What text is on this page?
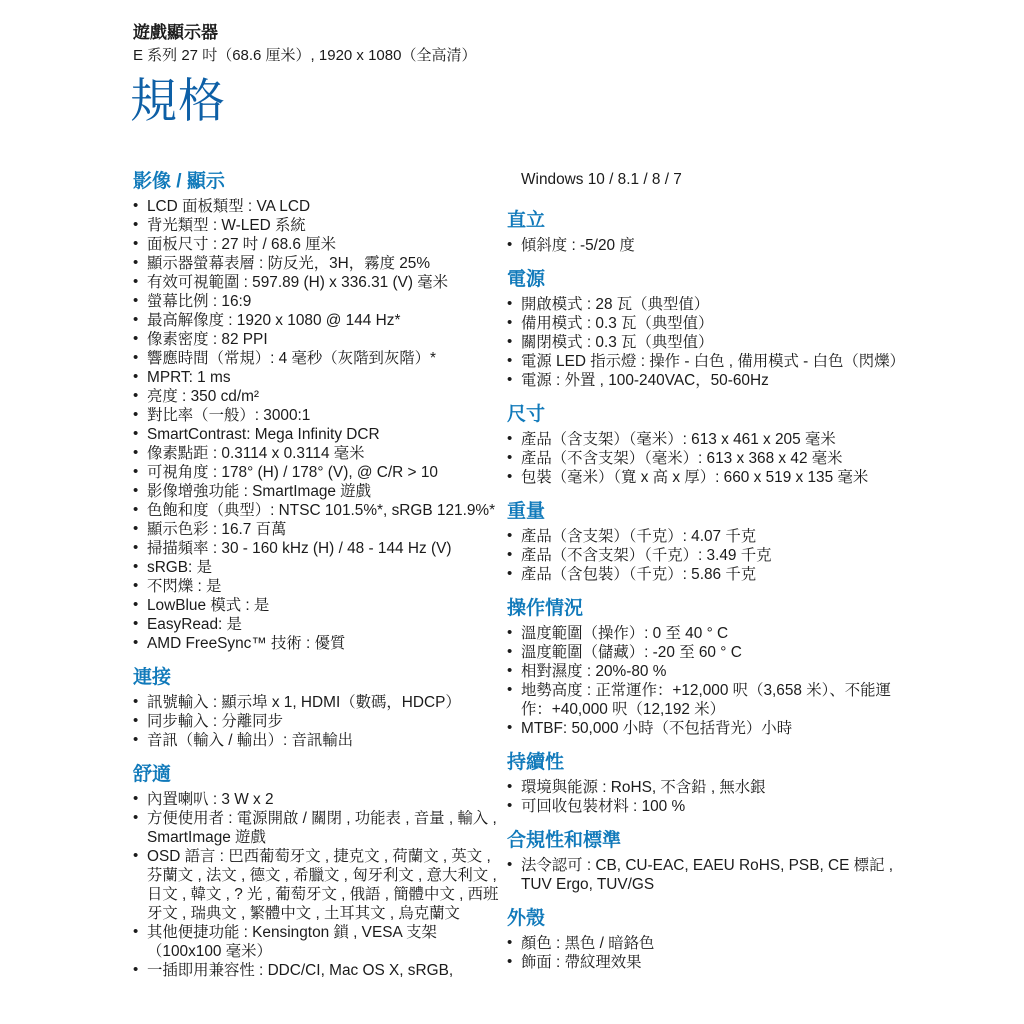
遊戲顯示器
E 系列 27 吋（68.6 厘米）, 1920 x 1080（全高清）
規格
影像 / 顯示
• LCD 面板類型 : VA LCD
• 背光類型 : W-LED 系統
• 面板尺寸 : 27 吋 / 68.6 厘米
• 顯示器螢幕表層 : 防反光，3H，霧度 25%
• 有效可視範圍 : 597.89 (H) x 336.31 (V) 毫米
• 螢幕比例 : 16:9
• 最高解像度 : 1920 x 1080 @ 144 Hz*
• 像素密度 : 82 PPI
• 響應時間（常規）: 4 毫秒（灰階到灰階）*
• MPRT: 1 ms
• 亮度 : 350 cd/m²
• 對比率（一般）: 3000:1
• SmartContrast: Mega Infinity DCR
• 像素點距 : 0.3114 x 0.3114 毫米
• 可視角度 : 178° (H) / 178° (V), @ C/R > 10
• 影像增強功能 : SmartImage 遊戲
• 色飽和度（典型）: NTSC 101.5%*, sRGB 121.9%*
• 顯示色彩 : 16.7 百萬
• 掃描頻率 : 30 - 160 kHz (H) / 48 - 144 Hz (V)
• sRGB: 是
• 不閃爍 : 是
• LowBlue 模式 : 是
• EasyRead: 是
• AMD FreeSync™ 技術 : 優質
連接
• 訊號輸入 : 顯示埠 x 1, HDMI（數碼，HDCP）
• 同步輸入 : 分離同步
• 音訊（輸入 / 輸出）: 音訊輸出
舒適
• 內置喇叭 : 3 W x 2
• 方便使用者 : 電源開啟 / 關閉 , 功能表 , 音量 , 輸入 , SmartImage 遊戲
• OSD 語言 : 巴西葡萄牙文 , 捷克文 , 荷蘭文 , 英文 , 芬蘭文 , 法文 , 德文 , 希臘文 , 匈牙利文 , 意大利文 , 日文 , 韓文 , ? 光 , 葡萄牙文 , 俄語 , 簡體中文 , 西班牙文 , 瑞典文 , 繁體中文 , 土耳其文 , 烏克蘭文
• 其他便捷功能 : Kensington 鎖 , VESA 支架（100x100 毫米）
• 一插即用兼容性 : DDC/CI, Mac OS X, sRGB,
Windows 10 / 8.1 / 8 / 7
直立
• 傾斜度 : -5/20 度
電源
• 開啟模式 : 28 瓦（典型值）
• 備用模式 : 0.3 瓦（典型值）
• 關閉模式 : 0.3 瓦（典型值）
• 電源 LED 指示燈 : 操作 - 白色 , 備用模式 - 白色（閃爍）
• 電源 : 外置 , 100-240VAC，50-60Hz
尺寸
• 產品（含支架）（毫米）: 613 x 461 x 205 毫米
• 產品（不含支架）（毫米）: 613 x 368 x 42 毫米
• 包裝（毫米）（寬 x 高 x 厚）: 660 x 519 x 135 毫米
重量
• 產品（含支架）（千克）: 4.07 千克
• 產品（不含支架）（千克）: 3.49 千克
• 產品（含包裝）（千克）: 5.86 千克
操作情況
• 溫度範圍（操作）: 0 至 40 ° C
• 溫度範圍（儲藏）: -20 至 60 ° C
• 相對濕度 : 20%-80 %
• 地勢高度 : 正常運作：+12,000 呎（3,658 米）、不能運作：+40,000 呎（12,192 米）
• MTBF: 50,000 小時（不包括背光）小時
持續性
• 環境與能源 : RoHS, 不含鉛 , 無水銀
• 可回收包裝材料 : 100 %
合規性和標準
• 法令認可 : CB, CU-EAC, EAEU RoHS, PSB, CE 標記 , TUV Ergo, TUV/GS
外殼
• 顏色 : 黑色 / 暗鉻色
• 飾面 : 帶紋理效果
